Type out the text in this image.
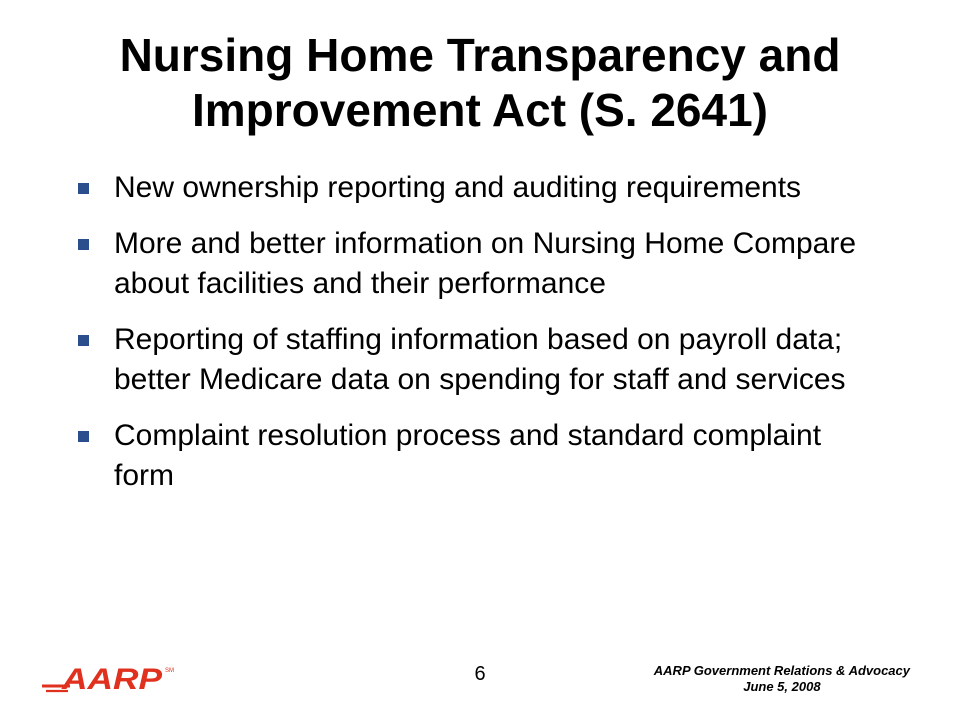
Nursing Home Transparency and
Improvement Act (S. 2641)
New ownership reporting and auditing requirements
More and better information on Nursing Home Compare about facilities and their performance
Reporting of staffing information based on payroll data; better Medicare data on spending for staff and services
Complaint resolution process and standard complaint form
AARP SM	6	AARP Government Relations & Advocacy
June 5, 2008
